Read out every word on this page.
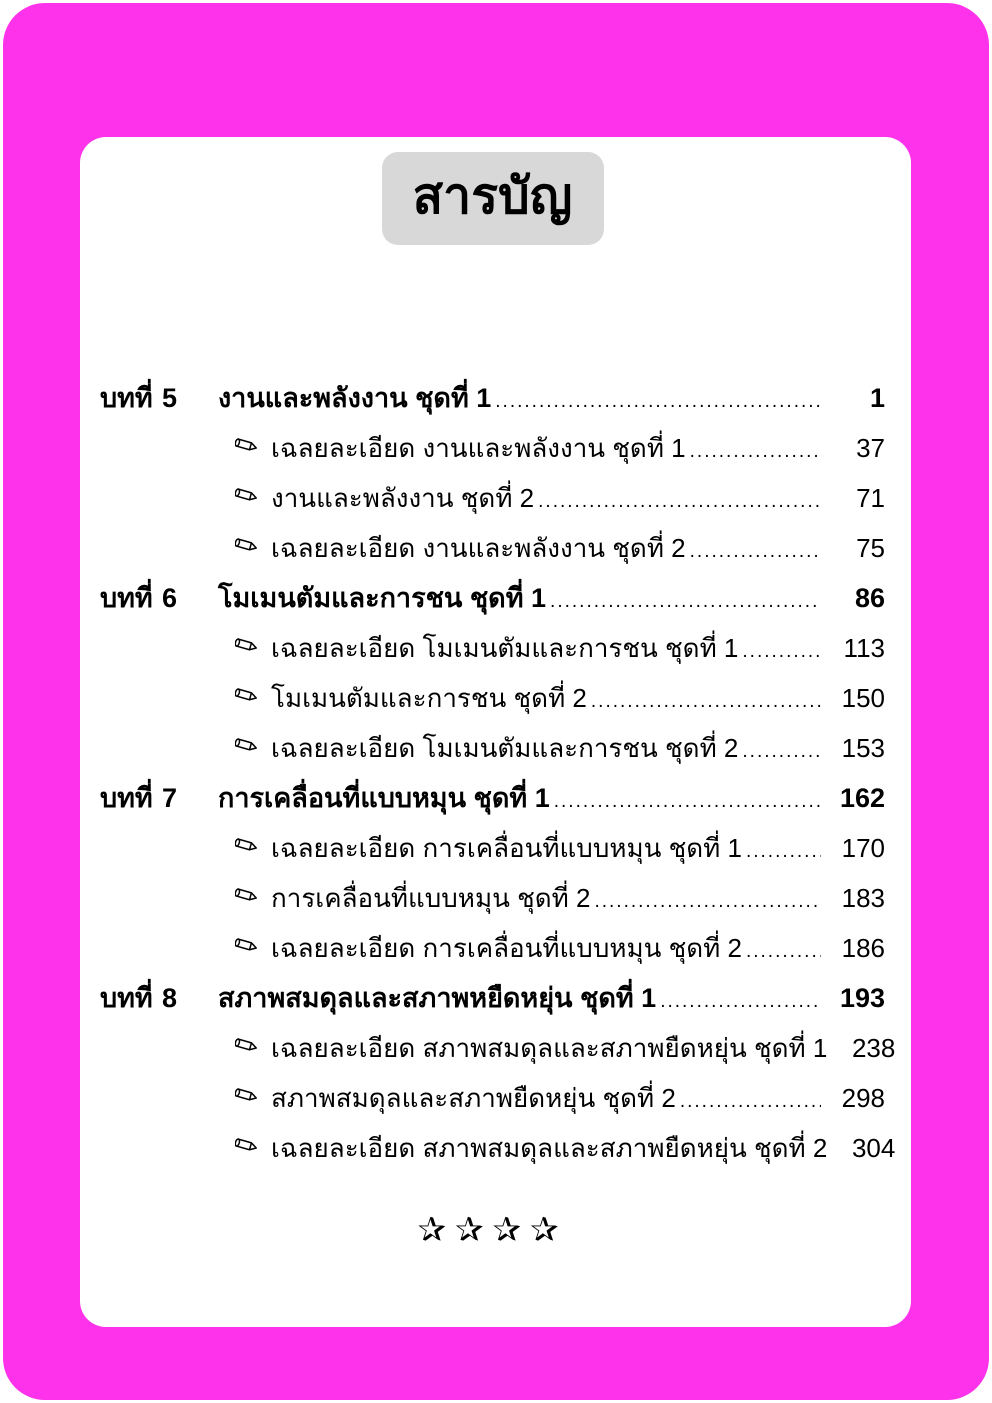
สารบัญ
บทที่ 5	งานและพลังงาน ชุดที่ 1 .....	1
เฉลยละเอียด งานและพลังงาน ชุดที่ 1 .....	37
งานและพลังงาน ชุดที่ 2 .....	71
เฉลยละเอียด งานและพลังงาน ชุดที่ 2 .....	75
บทที่ 6	โมเมนตัมและการชน ชุดที่ 1 .....	86
เฉลยละเอียด โมเมนตัมและการชน ชุดที่ 1 .....	113
โมเมนตัมและการชน ชุดที่ 2 .....	150
เฉลยละเอียด โมเมนตัมและการชน ชุดที่ 2 .....	153
บทที่ 7	การเคลื่อนที่แบบหมุน ชุดที่ 1 .....	162
เฉลยละเอียด การเคลื่อนที่แบบหมุน ชุดที่ 1 .....	170
การเคลื่อนที่แบบหมุน ชุดที่ 2 .....	183
เฉลยละเอียด การเคลื่อนที่แบบหมุน ชุดที่ 2 .....	186
บทที่ 8	สภาพสมดุลและสภาพหยืดหยุ่น ชุดที่ 1 .....	193
เฉลยละเอียด สภาพสมดุลและสภาพยืดหยุ่น ชุดที่ 1 238
สภาพสมดุลและสภาพยืดหยุ่น ชุดที่ 2 .....	298
เฉลยละเอียด สภาพสมดุลและสภาพยืดหยุ่น ชุดที่ 2 304
✰✰✰✰
